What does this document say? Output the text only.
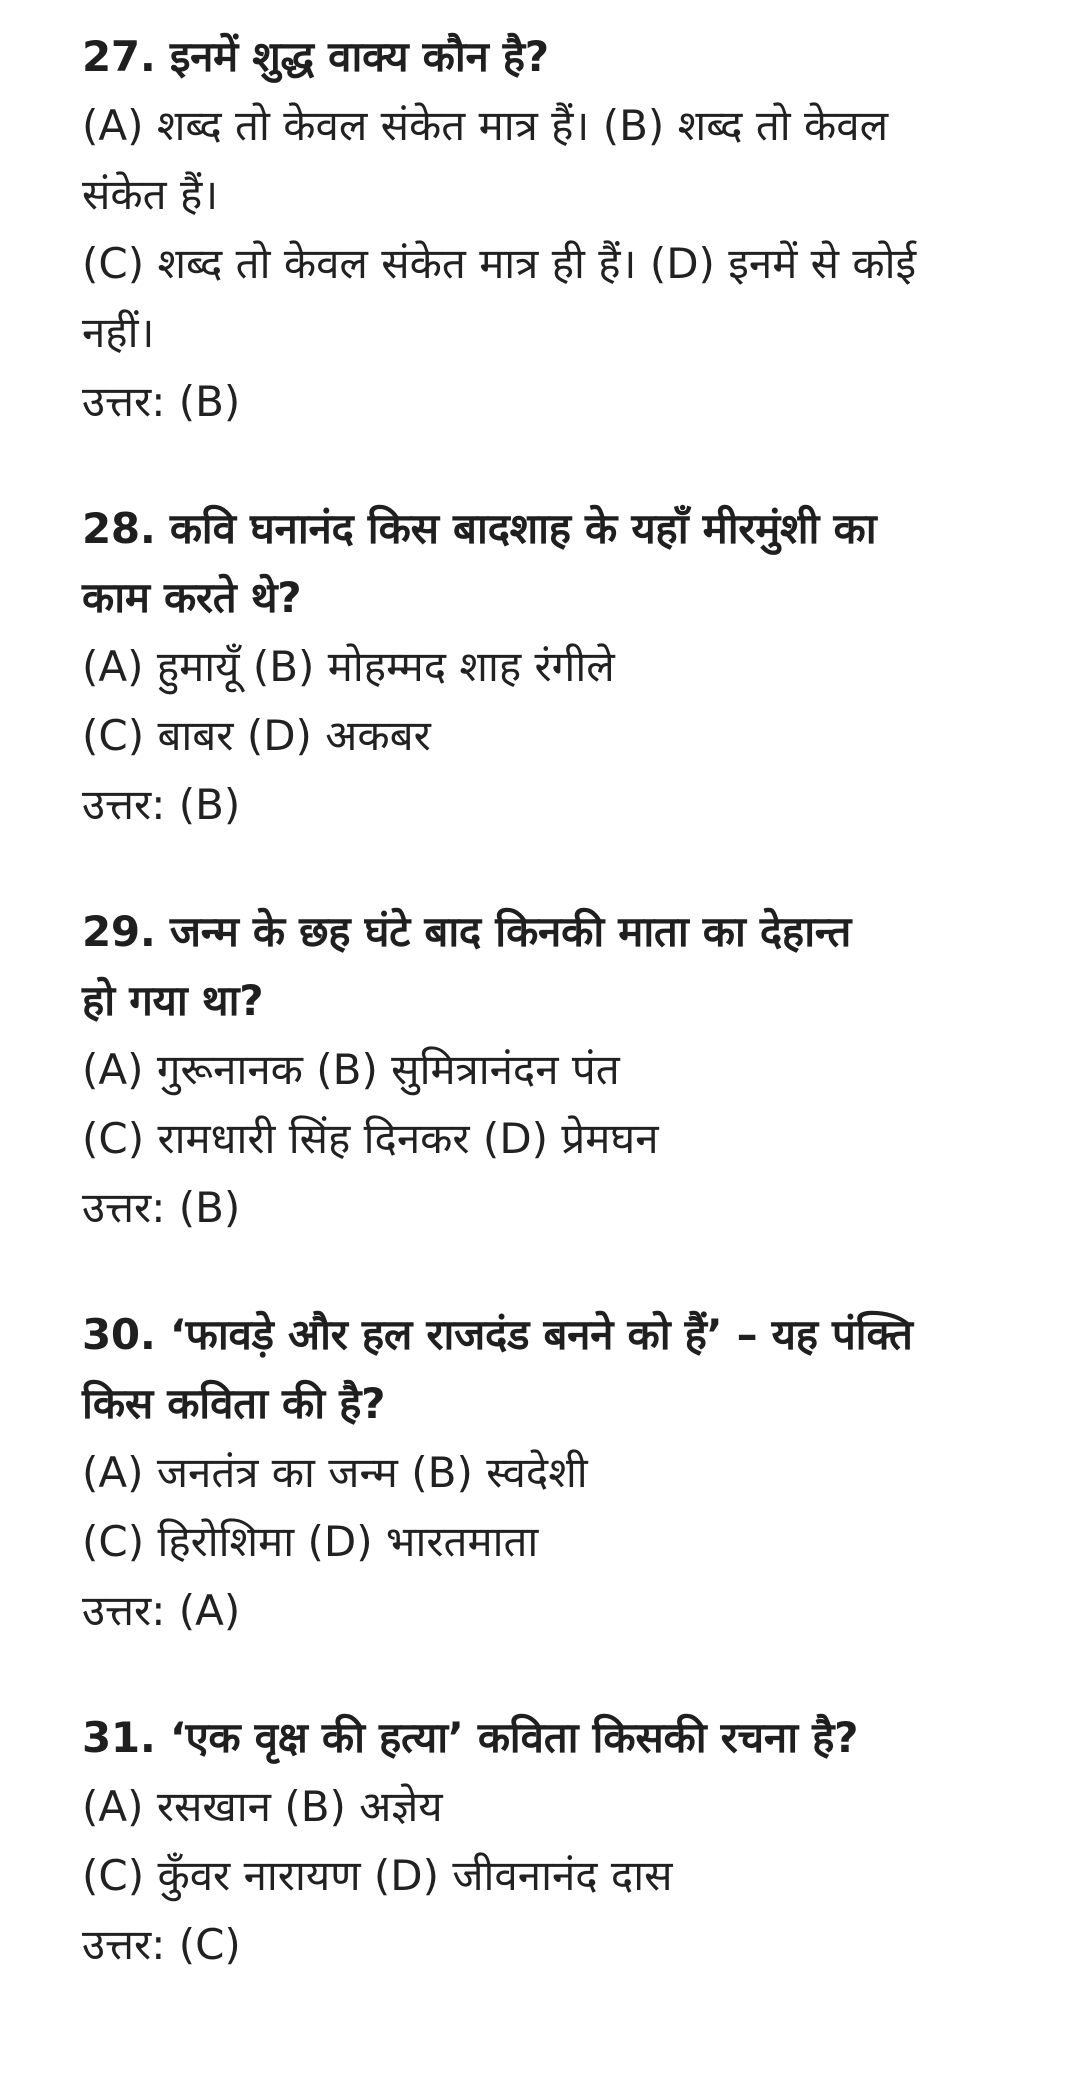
27. इनमें शुद्ध वाक्य कौन है?

(A) शब्द तो केवल संकेत मात्र हैं। (B) शब्द तो केवल

संकेत हैं।

(C) शब्द तो केवल संकेत मात्र ही हैं। (D) इनमें से कोई

नहीं।

उत्तर: (B)

28. कवि घनानंद किस बादशाह के यहाँ मीरमुंशी का

काम करते थे?

(A) हुमायूँ (B) मोहम्मद शाह रंगीले

(C) बाबर (D) अकबर

उत्तर: (B)

29. जन्म के छह घंटे बाद किनकी माता का देहान्त

हो गया था?

(A) गुरूनानक (B) सुमित्रानंदन पंत

(C) रामधारी सिंह दिनकर (D) प्रेमघन

उत्तर: (B)

30. ‘फावड़े और हल राजदंड बनने को हैं’ – यह पंक्ति

किस कविता की है?

(A) जनतंत्र का जन्म (B) स्वदेशी

(C) हिरोशिमा (D) भारतमाता

उत्तर: (A)

31. ‘एक वृक्ष की हत्या’ कविता किसकी रचना है?

(A) रसखान (B) अज्ञेय

(C) कुँवर नारायण (D) जीवनानंद दास

उत्तर: (C)
